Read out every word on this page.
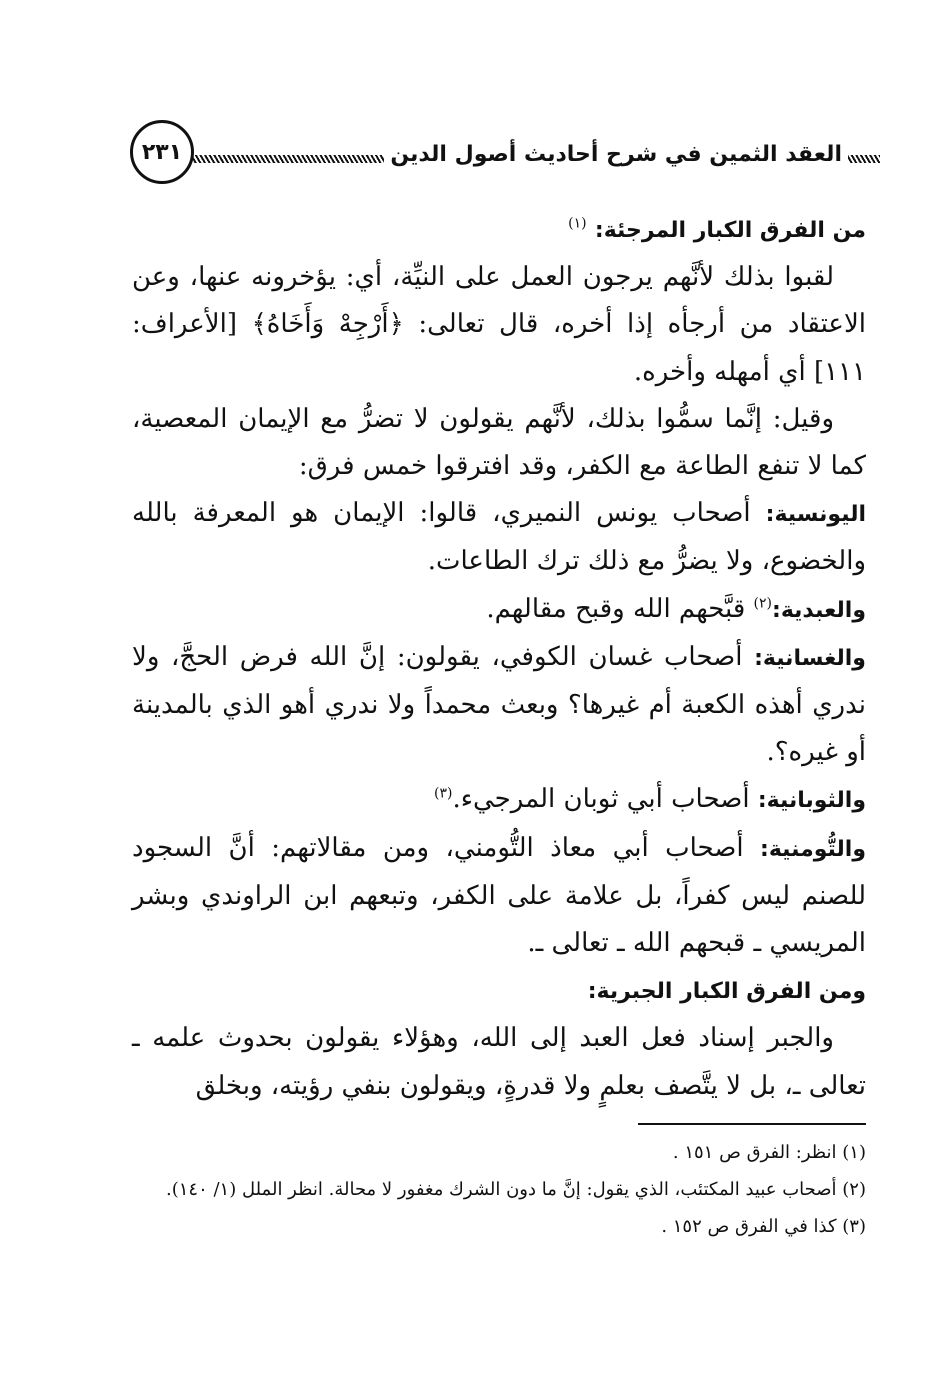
العقد الثمين في شرح أحاديث أصول الدين
٢٣١

من الفرق الكبار المرجئة: $^{(١)}$

لقبوا بذلك لأنَّهم يرجون العمل على النيِّة، أي: يؤخرونه عنها، وعن الاعتقاد من أرجأه إذا أخره، قال تعالى: ﴿أَرْجِهْ وَأَخَاهُ﴾ [الأعراف: ١١١] أي أمهله وأخره.

وقيل: إنَّما سمُّوا بذلك، لأنَّهم يقولون لا تضرُّ مع الإيمان المعصية، كما لا تنفع الطاعة مع الكفر، وقد افترقوا خمس فرق:

اليونسية: أصحاب يونس النميري، قالوا: الإيمان هو المعرفة بالله والخضوع، ولا يضرُّ مع ذلك ترك الطاعات.

والعبدية:$^{(٢)}$ قبَّحهم الله وقبح مقالهم.

والغسانية: أصحاب غسان الكوفي، يقولون: إنَّ الله فرض الحجَّ، ولا ندري أهذه الكعبة أم غيرها؟ وبعث محمداً ولا ندري أهو الذي بالمدينة أو غيره؟.

والثوبانية: أصحاب أبي ثوبان المرجيء.$^{(٣)}$

والتُّومنية: أصحاب أبي معاذ التُّومني، ومن مقالاتهم: أنَّ السجود للصنم ليس كفراً، بل علامة على الكفر، وتبعهم ابن الراوندي وبشر المريسي ـ قبحهم الله ـ تعالى ـ.

ومن الفرق الكبار الجبرية:

والجبر إسناد فعل العبد إلى الله، وهؤلاء يقولون بحدوث علمه ـ تعالى ـ، بل لا يتَّصف بعلمٍ ولا قدرةٍ، ويقولون بنفي رؤيته، وبخلق

(١) انظر: الفرق ص ١٥١ .

(٢) أصحاب عبيد المكتئب، الذي يقول: إنَّ ما دون الشرك مغفور لا محالة. انظر الملل (١/ ١٤٠).

(٣) كذا في الفرق ص ١٥٢ .
